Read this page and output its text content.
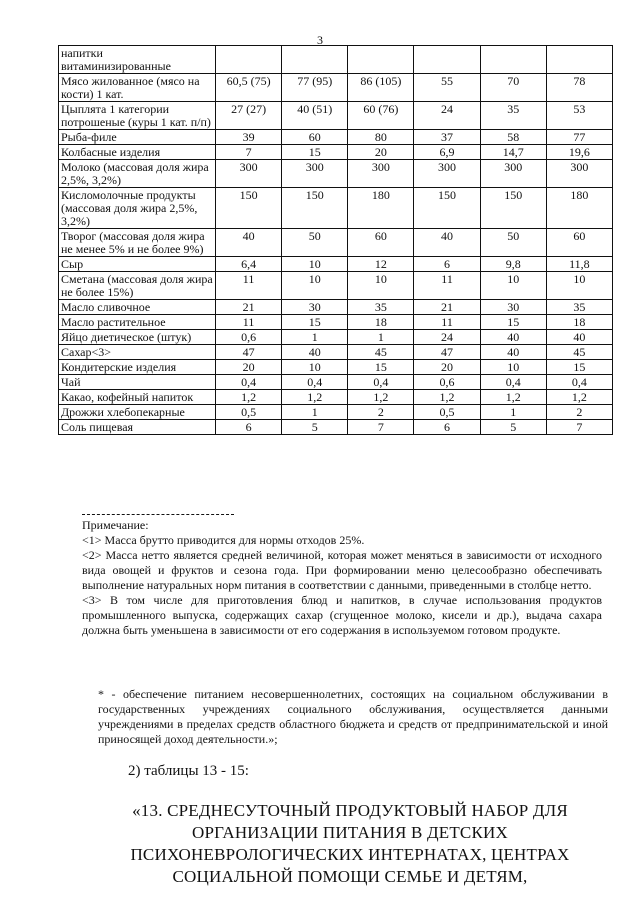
3
напитки витаминизированные						
Мясо жилованное (мясо на кости) 1 кат.	60,5 (75)	77 (95)	86 (105)	55	70	78
Цыплята 1 категории потрошеные (куры 1 кат. п/п)	27 (27)	40 (51)	60 (76)	24	35	53
Рыба-филе	39	60	80	37	58	77
Колбасные изделия	7	15	20	6,9	14,7	19,6
Молоко (массовая доля жира 2,5%, 3,2%)	300	300	300	300	300	300
Кисломолочные продукты (массовая доля жира 2,5%, 3,2%)	150	150	180	150	150	180
Творог (массовая доля жира не менее 5% и не более 9%)	40	50	60	40	50	60
Сыр	6,4	10	12	6	9,8	11,8
Сметана (массовая доля жира не более 15%)	11	10	10	11	10	10
Масло сливочное	21	30	35	21	30	35
Масло растительное	11	15	18	11	15	18
Яйцо диетическое (штук)	0,6	1	1	24	40	40
Сахар<3>	47	40	45	47	40	45
Кондитерские изделия	20	10	15	20	10	15
Чай	0,4	0,4	0,4	0,6	0,4	0,4
Какао, кофейный напиток	1,2	1,2	1,2	1,2	1,2	1,2
Дрожжи хлебопекарные	0,5	1	2	0,5	1	2
Соль пищевая	6	5	7	6	5	7

Примечание:

<1> Масса брутто приводится для нормы отходов 25%.

<2> Масса нетто является средней величиной, которая может меняться в зависимости от исходного вида овощей и фруктов и сезона года. При формировании меню целесообразно обеспечивать выполнение натуральных норм питания в соответствии с данными, приведенными в столбце нетто.

<3> В том числе для приготовления блюд и напитков, в случае использования продуктов промышленного выпуска, содержащих сахар (сгущенное молоко, кисели и др.), выдача сахара должна быть уменьшена в зависимости от его содержания в используемом готовом продукте.

* - обеспечение питанием несовершеннолетних, состоящих на социальном обслуживании в государственных учреждениях социального обслуживания, осуществляется данными учреждениями в пределах средств областного бюджета и средств от предпринимательской и иной приносящей доход деятельности.»;
2) таблицы 13 - 15:
«13. СРЕДНЕСУТОЧНЫЙ ПРОДУКТОВЫЙ НАБОР ДЛЯ ОРГАНИЗАЦИИ ПИТАНИЯ В ДЕТСКИХ ПСИХОНЕВРОЛОГИЧЕСКИХ ИНТЕРНАТАХ, ЦЕНТРАХ СОЦИАЛЬНОЙ ПОМОЩИ СЕМЬЕ И ДЕТЯМ,
